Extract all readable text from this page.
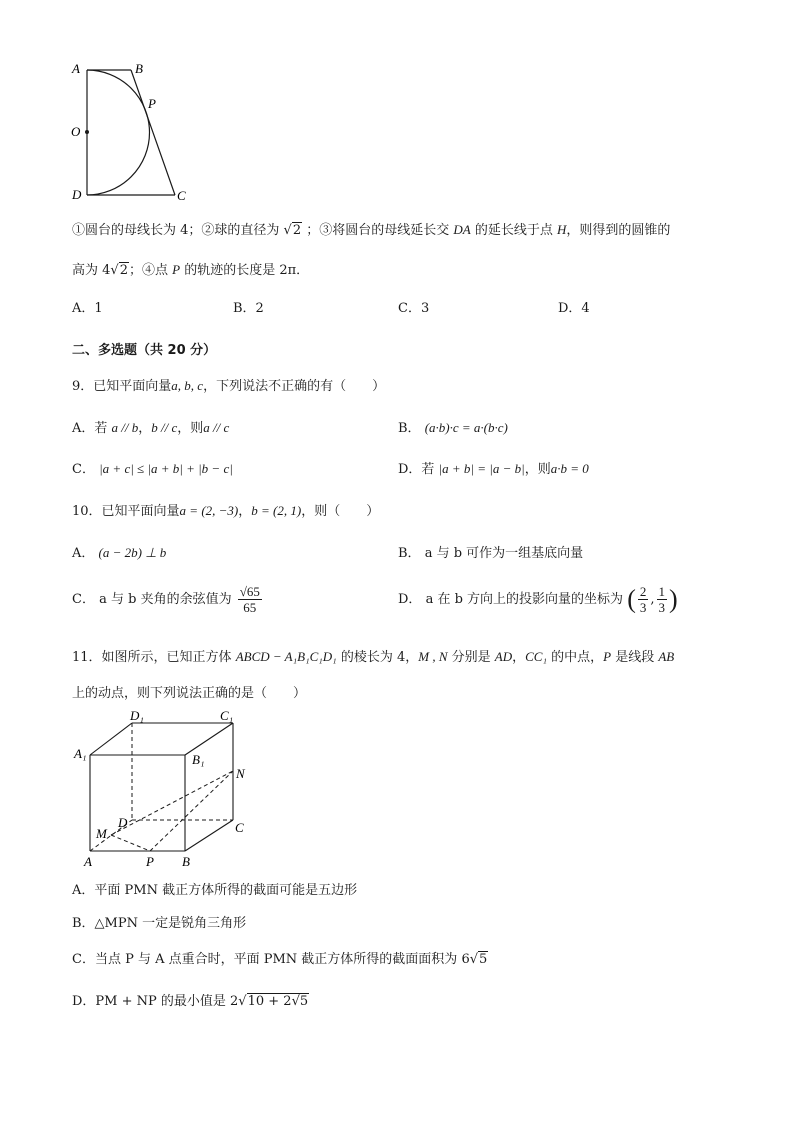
A	B
P
O
D	C
①圆台的母线长为 4；②球的直径为 √2 ；③将圆台的母线延长交 DA 的延长线于点 H，则得到的圆锥的
高为 4√2；④点 P 的轨迹的长度是 2π．
A．1	B．2	C．3	D．4
二、多选题（共 20 分）
9．已知平面向量a, b, c，下列说法不正确的有（　　）
A．若 a // b，b // c，则a // c	B． (a·b)·c = a·(b·c)
C． |a + c| ≤ |a + b| + |b − c|	D．若 |a + b| = |a − b|，则a·b = 0
10．已知平面向量a = (2, −3)，b = (2, 1)，则（　　）
A． (a − 2b) ⊥ b	B． a 与 b 可作为一组基底向量
C． a 与 b 夹角的余弦值为 $\frac{√65}{65}$	D． a 在 b 方向上的投影向量的坐标为 ( $\frac{2}{3}$ , $\frac{1}{3}$ )
11．如图所示，已知正方体 ABCD − A₁B₁C₁D₁ 的棱长为 4，M , N 分别是 AD，CC₁ 的中点，P 是线段 AB
上的动点，则下列说法正确的是（　　）
A₁
D₁	C₁
B₁
N
D	C
M
A	P B
A．平面 PMN 截正方体所得的截面可能是五边形
B．△MPN 一定是锐角三角形
C．当点 P 与 A 点重合时，平面 PMN 截正方体所得的截面面积为 6√5
D．PM + NP 的最小值是 2√10 + 2√5
